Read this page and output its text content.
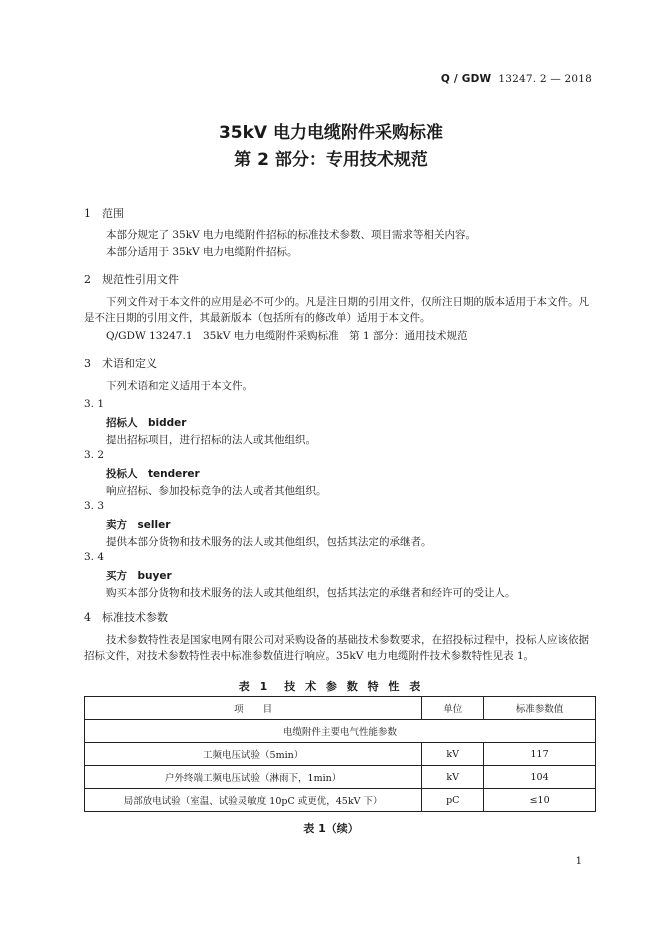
Q / GDW 13247. 2 — 2018
35kV 电力电缆附件采购标准
第 2 部分：专用技术规范
1 范围
本部分规定了 35kV 电力电缆附件招标的标准技术参数、项目需求等相关内容。
本部分适用于 35kV 电力电缆附件招标。
2 规范性引用文件
下列文件对于本文件的应用是必不可少的。凡是注日期的引用文件，仅所注日期的版本适用于本文件。凡是不注日期的引用文件，其最新版本（包括所有的修改单）适用于本文件。
Q/GDW 13247.1　35kV 电力电缆附件采购标准　第 1 部分：通用技术规范
3 术语和定义
下列术语和定义适用于本文件。
3. 1
招标人　bidder
提出招标项目，进行招标的法人或其他组织。
3. 2
投标人　tenderer
响应招标、参加投标竞争的法人或者其他组织。
3. 3
卖方　seller
提供本部分货物和技术服务的法人或其他组织，包括其法定的承继者。
3. 4
买方　buyer
购买本部分货物和技术服务的法人或其他组织，包括其法定的承继者和经许可的受让人。
4 标准技术参数
技术参数特性表是国家电网有限公司对采购设备的基础技术参数要求，在招投标过程中，投标人应该依据招标文件，对技术参数特性表中标准参数值进行响应。35kV 电力电缆附件技术参数特性见表 1。
表 1　技 术 参 数 特 性 表
项　　目	单位	标准参数值
电缆附件主要电气性能参数		
工频电压试验（5min）	kV	117
户外终端工频电压试验（淋雨下，1min）	kV	104
局部放电试验（室温、试验灵敏度 10pC 或更优，45kV 下）	pC	≤10
表 1（续）
1
